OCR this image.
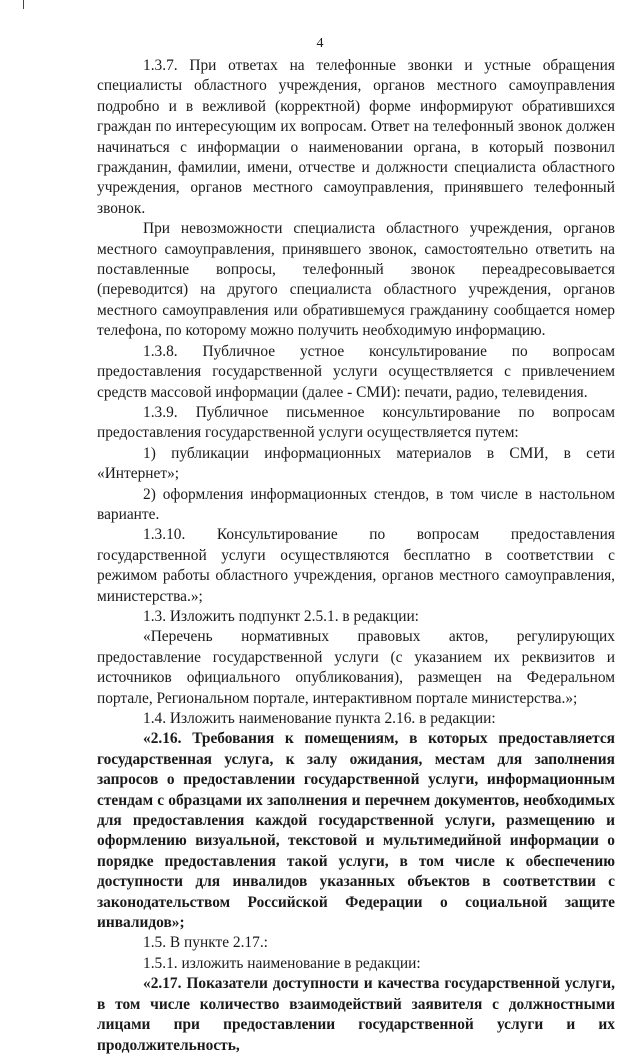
4

1.3.7. При ответах на телефонные звонки и устные обращения специалисты областного учреждения, органов местного самоуправления подробно и в вежливой (корректной) форме информируют обратившихся граждан по интересующим их вопросам. Ответ на телефонный звонок должен начинаться с информации о наименовании органа, в который позвонил гражданин, фамилии, имени, отчестве и должности специалиста областного учреждения, органов местного самоуправления, принявшего телефонный звонок.

При невозможности специалиста областного учреждения, органов местного самоуправления, принявшего звонок, самостоятельно ответить на поставленные вопросы, телефонный звонок переадресовывается (переводится) на другого специалиста областного учреждения, органов местного самоуправления или обратившемуся гражданину сообщается номер телефона, по которому можно получить необходимую информацию.

1.3.8. Публичное устное консультирование по вопросам предоставления государственной услуги осуществляется с привлечением средств массовой информации (далее - СМИ): печати, радио, телевидения.

1.3.9. Публичное письменное консультирование по вопросам предоставления государственной услуги осуществляется путем:

1) публикации информационных материалов в СМИ, в сети «Интернет»;

2) оформления информационных стендов, в том числе в настольном варианте.

1.3.10. Консультирование по вопросам предоставления государственной услуги осуществляются бесплатно в соответствии с режимом работы областного учреждения, органов местного самоуправления, министерства.»;

1.3. Изложить подпункт 2.5.1. в редакции:

«Перечень нормативных правовых актов, регулирующих предоставление государственной услуги (с указанием их реквизитов и источников официального опубликования), размещен на Федеральном портале, Региональном портале, интерактивном портале министерства.»;

1.4. Изложить наименование пункта 2.16. в редакции:

«2.16. Требования к помещениям, в которых предоставляется государственная услуга, к залу ожидания, местам для заполнения запросов о предоставлении государственной услуги, информационным стендам с образцами их заполнения и перечнем документов, необходимых для предоставления каждой государственной услуги, размещению и оформлению визуальной, текстовой и мультимедийной информации о порядке предоставления такой услуги, в том числе к обеспечению доступности для инвалидов указанных объектов в соответствии с законодательством Российской Федерации о социальной защите инвалидов»;

1.5. В пункте 2.17.:

1.5.1. изложить наименование в редакции:

«2.17. Показатели доступности и качества государственной услуги, в том числе количество взаимодействий заявителя с должностными лицами при предоставлении государственной услуги и их продолжительность,
